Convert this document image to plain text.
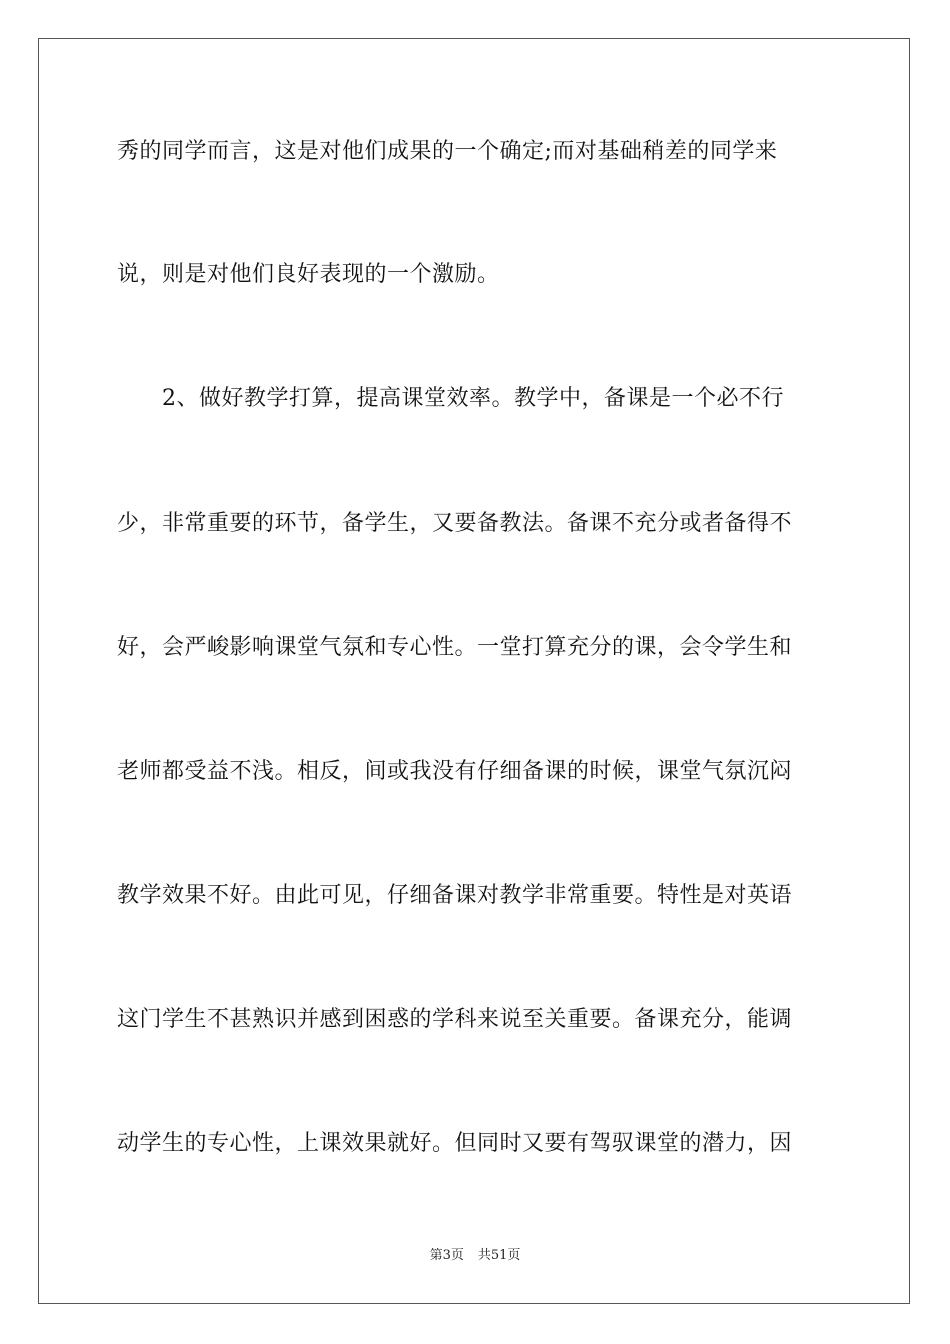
秀的同学而言，这是对他们成果的一个确定;而对基础稍差的同学来
说，则是对他们良好表现的一个激励。
　　2、做好教学打算，提高课堂效率。教学中，备课是一个必不行
少，非常重要的环节，备学生，又要备教法。备课不充分或者备得不
好，会严峻影响课堂气氛和专心性。一堂打算充分的课，会令学生和
老师都受益不浅。相反，间或我没有仔细备课的时候，课堂气氛沉闷
教学效果不好。由此可见，仔细备课对教学非常重要。特性是对英语
这门学生不甚熟识并感到困惑的学科来说至关重要。备课充分，能调
动学生的专心性，上课效果就好。但同时又要有驾驭课堂的潜力，因
第3页 共51页
